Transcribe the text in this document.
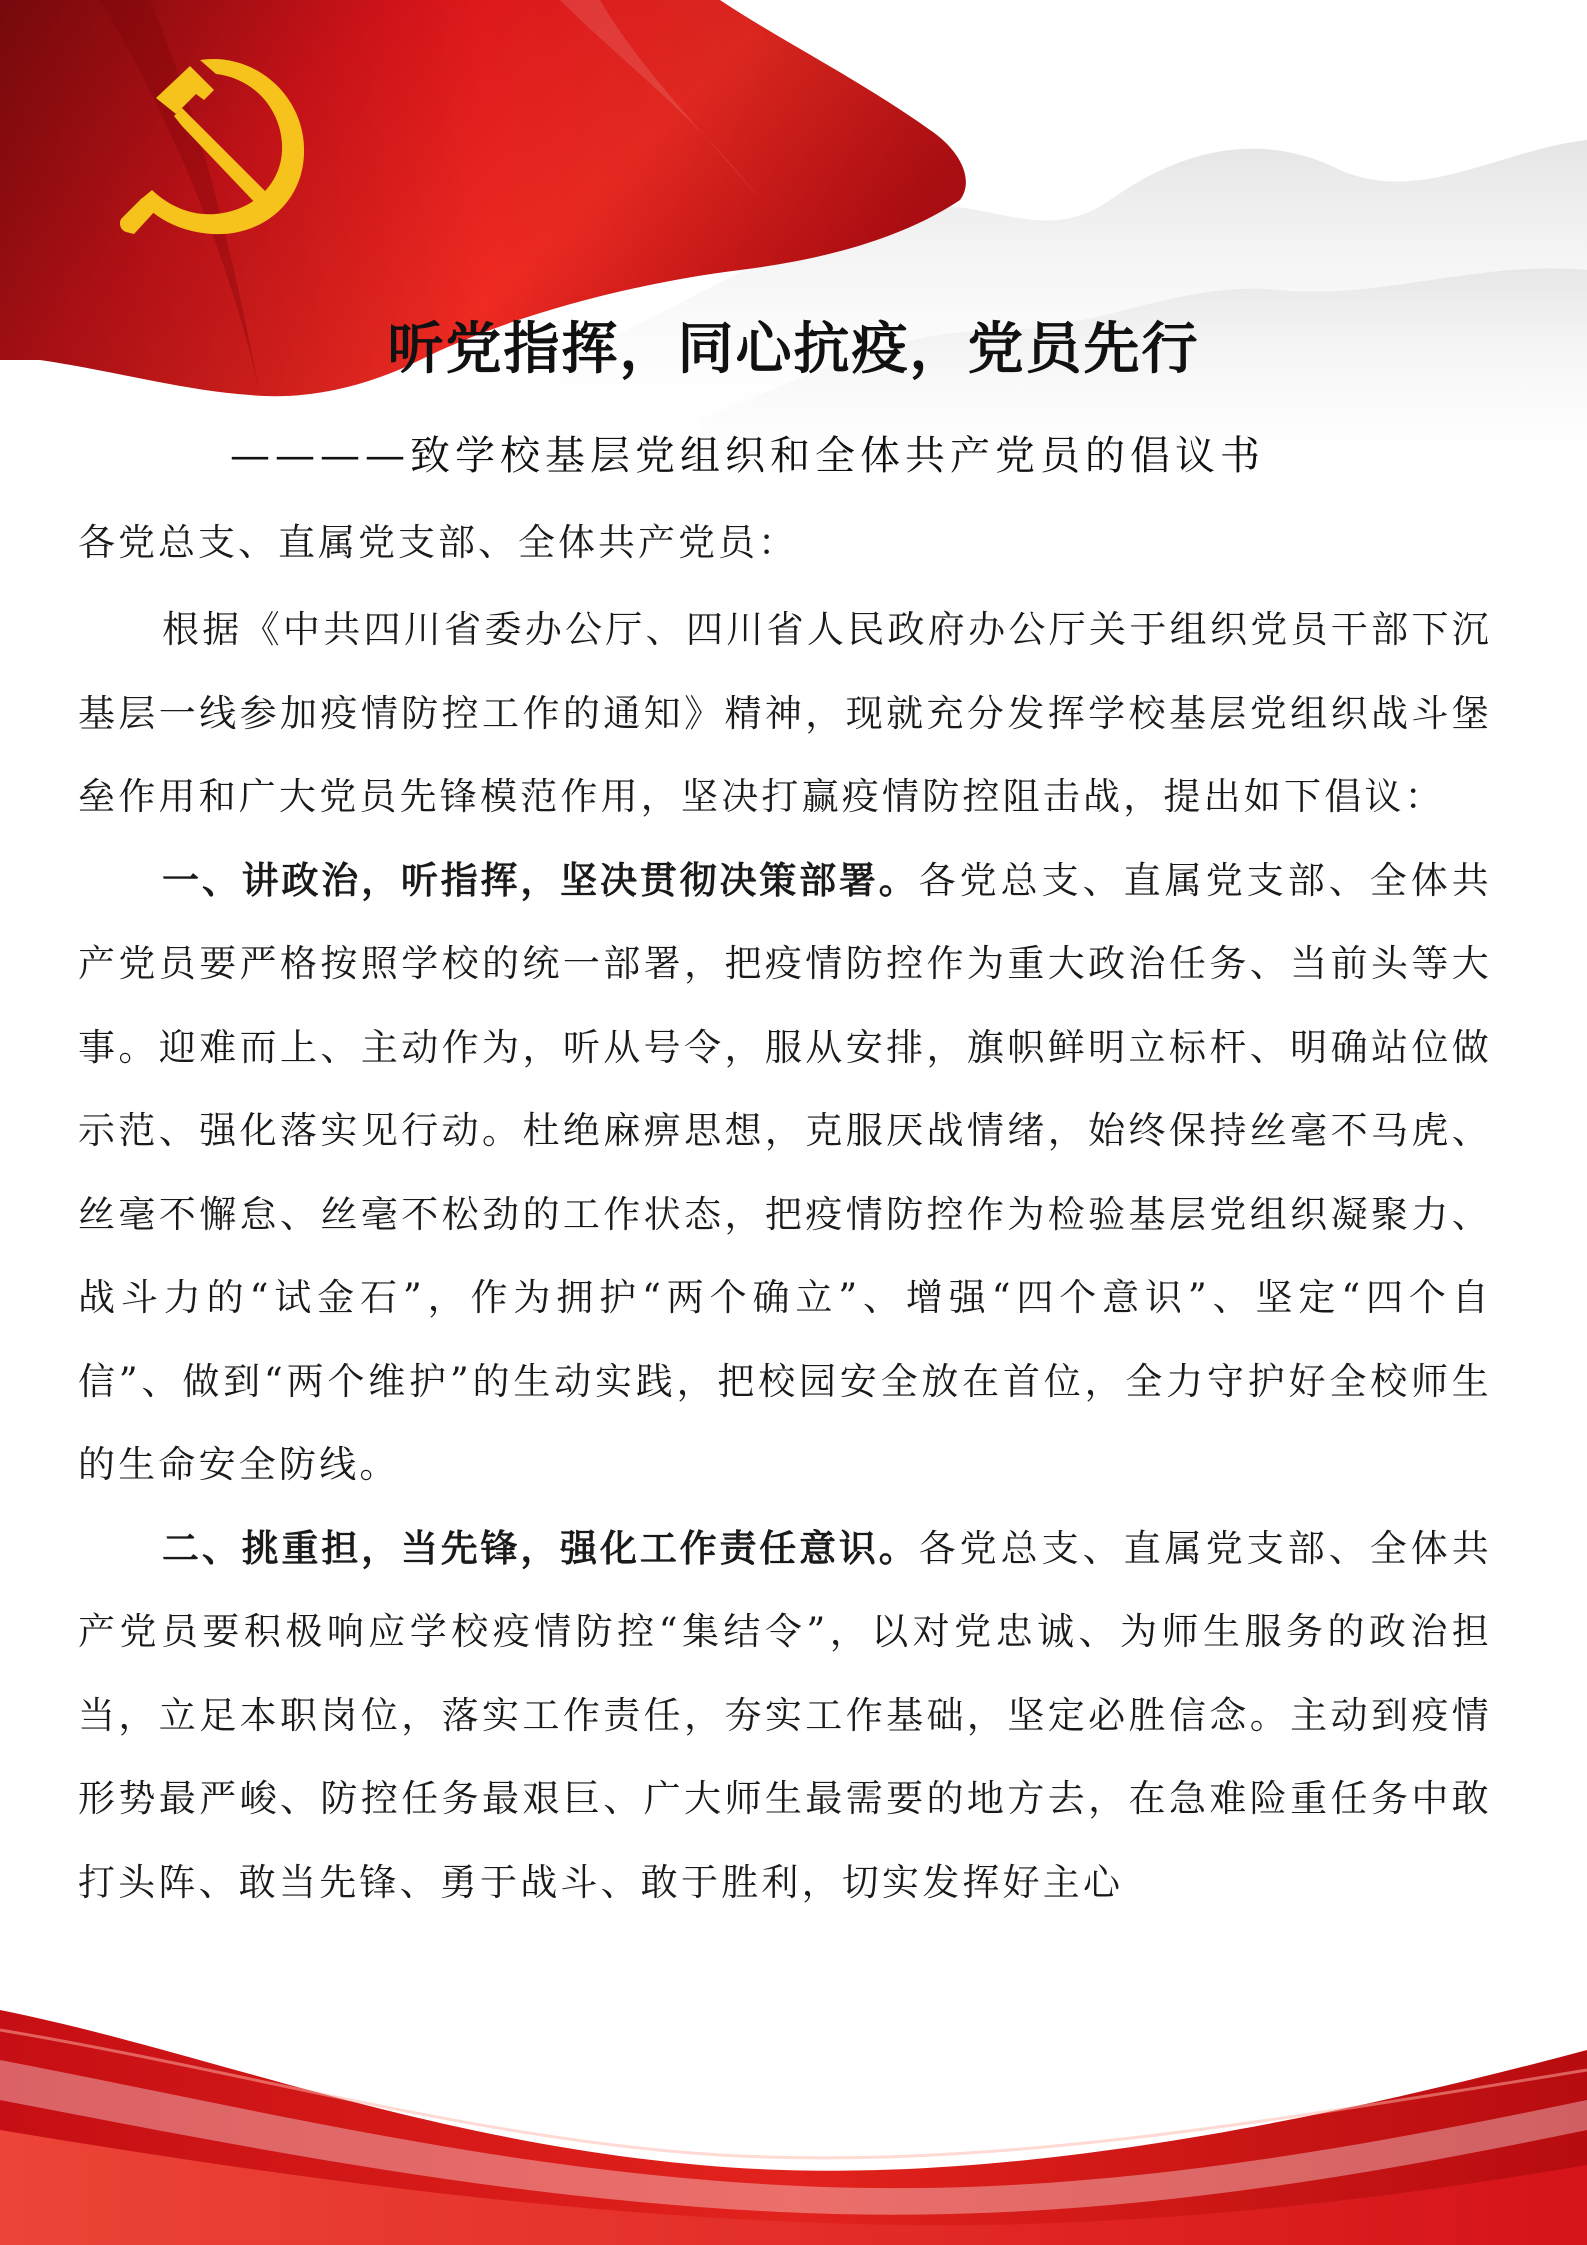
听党指挥，同心抗疫，党员先行
————致学校基层党组织和全体共产党员的倡议书
各党总支、直属党支部、全体共产党员：

根据《中共四川省委办公厅、四川省人民政府办公厅关于组织党员干部下沉基层一线参加疫情防控工作的通知》精神，现就充分发挥学校基层党组织战斗堡垒作用和广大党员先锋模范作用，坚决打赢疫情防控阻击战，提出如下倡议：

一、讲政治，听指挥，坚决贯彻决策部署。各党总支、直属党支部、全体共产党员要严格按照学校的统一部署，把疫情防控作为重大政治任务、当前头等大事。迎难而上、主动作为，听从号令，服从安排，旗帜鲜明立标杆、明确站位做示范、强化落实见行动。杜绝麻痹思想，克服厌战情绪，始终保持丝毫不马虎、丝毫不懈怠、丝毫不松劲的工作状态，把疫情防控作为检验基层党组织凝聚力、战斗力的“试金石”，作为拥护“两个确立”、增强“四个意识”、坚定“四个自信”、做到“两个维护”的生动实践，把校园安全放在首位，全力守护好全校师生的生命安全防线。

二、挑重担，当先锋，强化工作责任意识。各党总支、直属党支部、全体共产党员要积极响应学校疫情防控“集结令”，以对党忠诚、为师生服务的政治担当，立足本职岗位，落实工作责任，夯实工作基础，坚定必胜信念。主动到疫情形势最严峻、防控任务最艰巨、广大师生最需要的地方去，在急难险重任务中敢打头阵、敢当先锋、勇于战斗、敢于胜利，切实发挥好主心
